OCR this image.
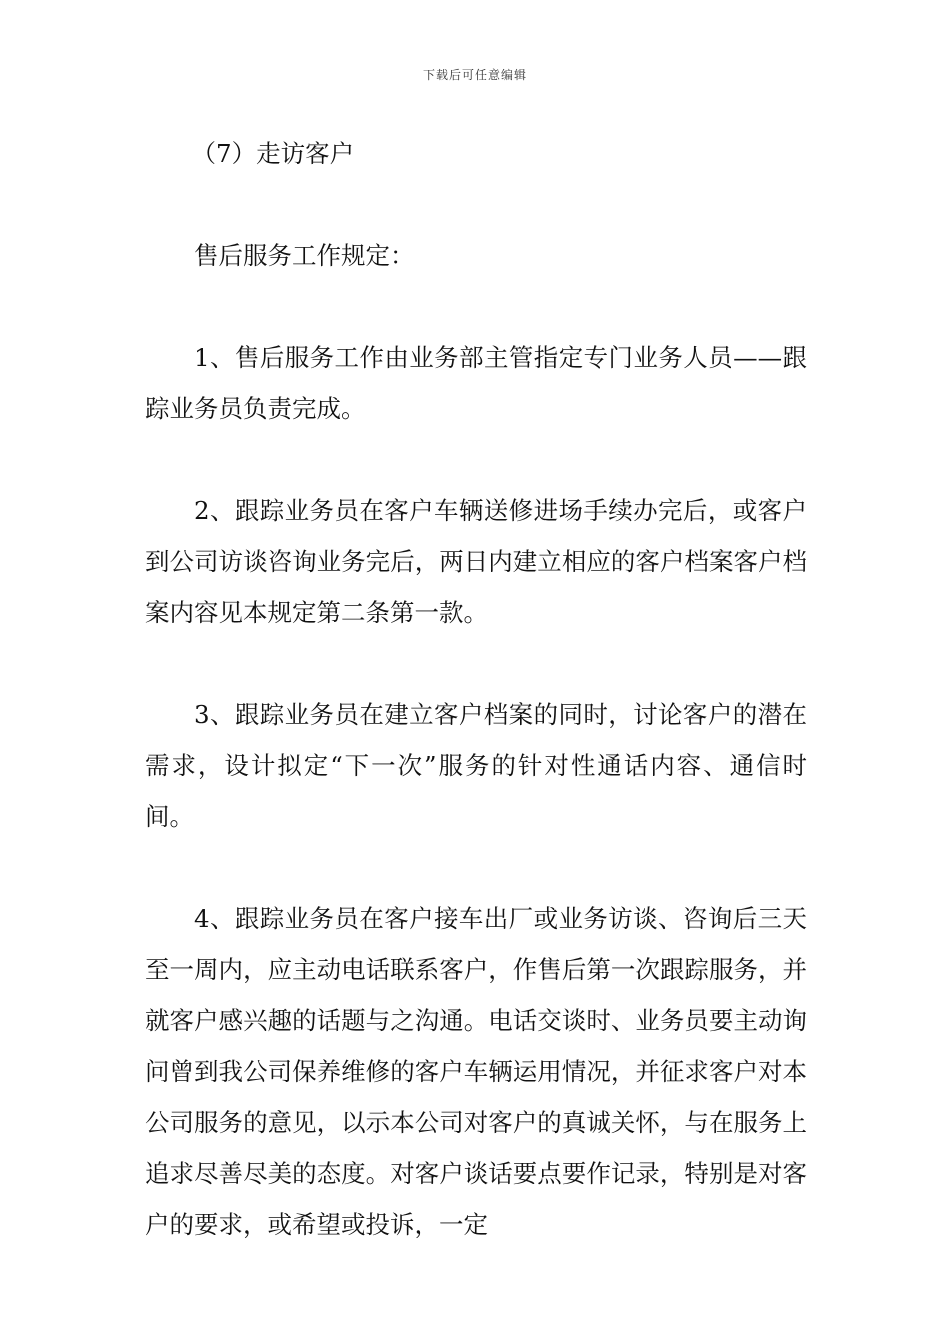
下载后可任意编辑

（7）走访客户

售后服务工作规定：

1、售后服务工作由业务部主管指定专门业务人员——跟踪业务员负责完成。

2、跟踪业务员在客户车辆送修进场手续办完后，或客户到公司访谈咨询业务完后，两日内建立相应的客户档案客户档案内容见本规定第二条第一款。

3、跟踪业务员在建立客户档案的同时，讨论客户的潜在需求，设计拟定“下一次”服务的针对性通话内容、通信时间。

4、跟踪业务员在客户接车出厂或业务访谈、咨询后三天至一周内，应主动电话联系客户，作售后第一次跟踪服务，并就客户感兴趣的话题与之沟通。电话交谈时、业务员要主动询问曾到我公司保养维修的客户车辆运用情况，并征求客户对本公司服务的意见，以示本公司对客户的真诚关怀，与在服务上追求尽善尽美的态度。对客户谈话要点要作记录，特别是对客户的要求，或希望或投诉，一定
